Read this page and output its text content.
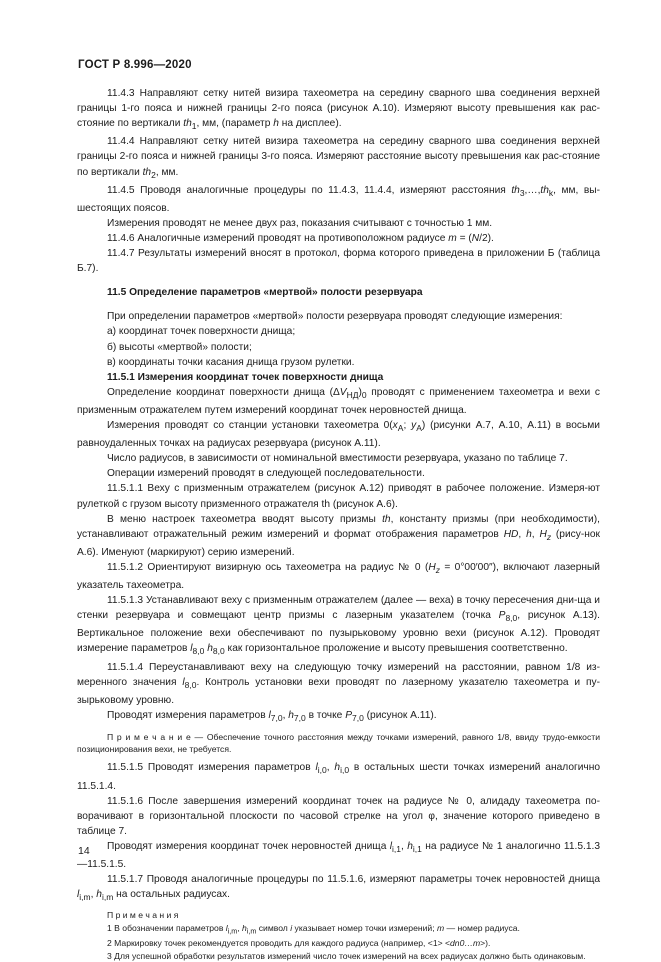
ГОСТ Р 8.996—2020

11.4.3 Направляют сетку нитей визира тахеометра на середину сварного шва соединения верхней границы 1-го пояса и нижней границы 2-го пояса (рисунок А.10). Измеряют высоту превышения как рас-стояние по вертикали $th_1$, мм, (параметр h на дисплее).

11.4.4 Направляют сетку нитей визира тахеометра на середину сварного шва соединения верхней границы 2-го пояса и нижней границы 3-го пояса. Измеряют расстояние высоту превышения как рас-стояние по вертикали $th_2$, мм.

11.4.5 Проводя аналогичные процедуры по 11.4.3, 11.4.4, измеряют расстояния $th_3,\dots,th_k$, мм, вы-шестоящих поясов.

Измерения проводят не менее двух раз, показания считывают с точностью 1 мм.

11.4.6 Аналогичные измерений проводят на противоположном радиусе m = (N/2).

11.4.7 Результаты измерений вносят в протокол, форма которого приведена в приложении Б (таблица Б.7).

11.5 Определение параметров «мертвой» полости резервуара

При определении параметров «мертвой» полости резервуара проводят следующие измерения:

а) координат точек поверхности днища;

б) высоты «мертвой» полости;

в) координаты точки касания днища грузом рулетки.

11.5.1 Измерения координат точек поверхности днища

Определение координат поверхности днища $(\Delta V_{НД})_0$ проводят с применением тахеометра и вехи с призменным отражателем путем измерений координат точек неровностей днища.

Измерения проводят со станции установки тахеометра $0(x_A$; $y_A$) (рисунки А.7, А.10, А.11) в восьми равноудаленных точках на радиусах резервуара (рисунок А.11).

Число радиусов, в зависимости от номинальной вместимости резервуара, указано по таблице 7.

Операции измерений проводят в следующей последовательности.

11.5.1.1 Веху с призменным отражателем (рисунок А.12) приводят в рабочее положение. Измеря-ют рулеткой с грузом высоту призменного отражателя th (рисунок А.6).

В меню настроек тахеометра вводят высоту призмы th, константу призмы (при необходимости), устанавливают отражательный режим измерений и формат отображения параметров HD, h, $H_z$ (рису-нок А.6). Именуют (маркируют) серию измерений.

11.5.1.2 Ориентируют визирную ось тахеометра на радиус № 0 $(H_z = 0^\circ 00'00'')$, включают лазерный указатель тахеометра.

11.5.1.3 Устанавливают веху с призменным отражателем (далее — веха) в точку пересечения дни-ща и стенки резервуара и совмещают центр призмы с лазерным указателем (точка $P_{8,0}$, рисунок А.13). Вертикальное положение вехи обеспечивают по пузырьковому уровню вехи (рисунок А.12). Проводят измерение параметров $l_{8,0}$ $h_{8,0}$ как горизонтальное проложение и высоту превышения соответственно.

11.5.1.4 Переустанавливают веху на следующую точку измерений на расстоянии, равном 1/8 из-меренного значения $l_{8,0}$. Контроль установки вехи проводят по лазерному указателю тахеометра и пу-зырьковому уровню.

Проводят измерения параметров $l_{7,0}$, $h_{7,0}$ в точке $P_{7,0}$ (рисунок А.11).

П р и м е ч а н и е — Обеспечение точного расстояния между точками измерений, равного 1/8, ввиду трудо-емкости позиционирования вехи, не требуется.

11.5.1.5 Проводят измерения параметров $l_{i,0}$, $h_{i,0}$ в остальных шести точках измерений аналогично 11.5.1.4.

11.5.1.6 После завершения измерений координат точек на радиусе № 0, алидаду тахеометра по-ворачивают в горизонтальной плоскости по часовой стрелке на угол φ, значение которого приведено в таблице 7.

Проводят измерения координат точек неровностей днища $l_{i,1}$, $h_{i,1}$ на радиусе № 1 аналогично 11.5.1.3—11.5.1.5.

11.5.1.7 Проводя аналогичные процедуры по 11.5.1.6, измеряют параметры точек неровностей днища $l_{i,m}$, $h_{i,m}$ на остальных радиусах.

П р и м е ч а н и я

1 В обозначении параметров $l_{i,m}$, $h_{i,m}$ символ i указывает номер точки измерений; m — номер радиуса.

2 Маркировку точек рекомендуется проводить для каждого радиуса (например, <1> <dn0…m>).

3 Для успешной обработки результатов измерений число точек измерений на всех радиусах должно быть одинаковым.

14
